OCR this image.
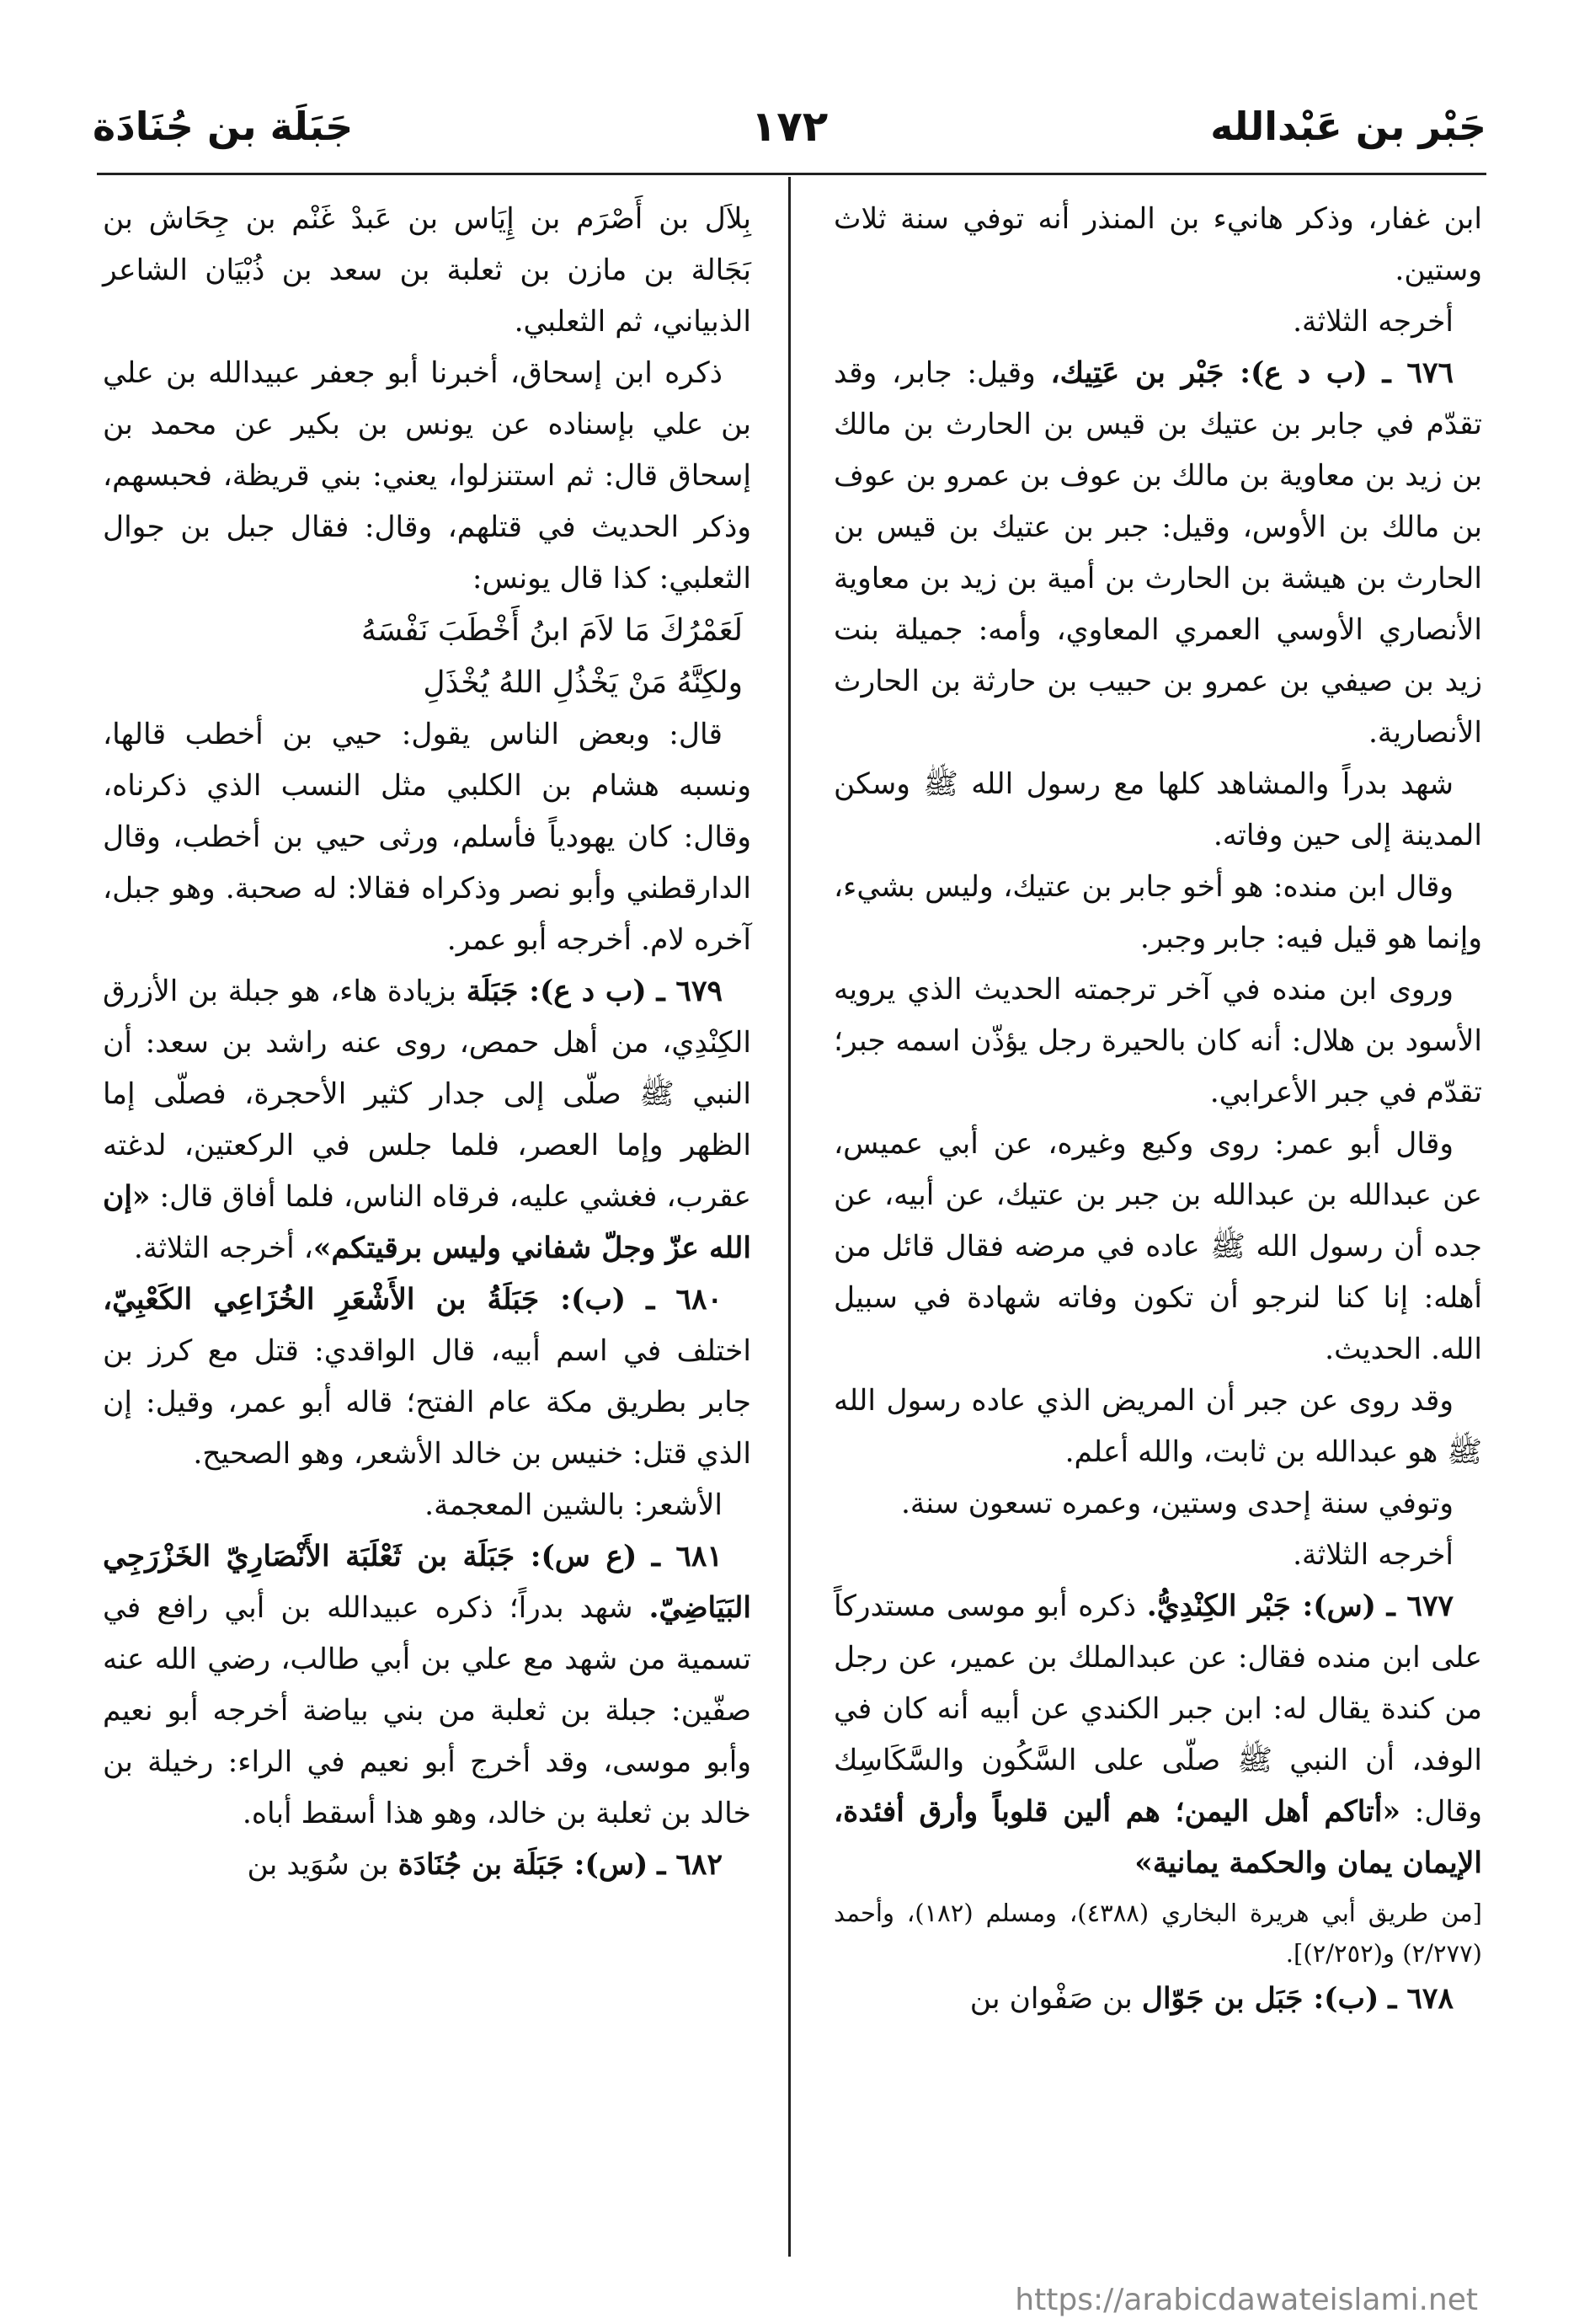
جَبْر بن عَبْدالله
١٧٢
جَبَلَة بن جُنَادَة

ابن غفار، وذكر هانيء بن المنذر أنه توفي سنة ثلاث وستين.

أخرجه الثلاثة.

٦٧٦ ـ (ب د ع): جَبْر بن عَتِيك، وقيل: جابر، وقد تقدّم في جابر بن عتيك بن قيس بن الحارث بن مالك بن زيد بن معاوية بن مالك بن عوف بن عمرو بن عوف بن مالك بن الأوس، وقيل: جبر بن عتيك بن قيس بن الحارث بن هيشة بن الحارث بن أمية بن زيد بن معاوية الأنصاري الأوسي العمري المعاوي، وأمه: جميلة بنت زيد بن صيفي بن عمرو بن حبيب بن حارثة بن الحارث الأنصارية.

شهد بدراً والمشاهد كلها مع رسول الله ﷺ وسكن المدينة إلى حين وفاته.

وقال ابن منده: هو أخو جابر بن عتيك، وليس بشيء، وإنما هو قيل فيه: جابر وجبر.

وروى ابن منده في آخر ترجمته الحديث الذي يرويه الأسود بن هلال: أنه كان بالحيرة رجل يؤذّن اسمه جبر؛ تقدّم في جبر الأعرابي.

وقال أبو عمر: روى وكيع وغيره، عن أبي عميس، عن عبدالله بن عبدالله بن جبر بن عتيك، عن أبيه، عن جده أن رسول الله ﷺ عاده في مرضه فقال قائل من أهله: إنا كنا لنرجو أن تكون وفاته شهادة في سبيل الله. الحديث.

وقد روى عن جبر أن المريض الذي عاده رسول الله ﷺ هو عبدالله بن ثابت، والله أعلم.

وتوفي سنة إحدى وستين، وعمره تسعون سنة.

أخرجه الثلاثة.

٦٧٧ ـ (س): جَبْر الكِنْدِيُّ. ذكره أبو موسى مستدركاً على ابن منده فقال: عن عبدالملك بن عمير، عن رجل من كندة يقال له: ابن جبر الكندي عن أبيه أنه كان في الوفد، أن النبي ﷺ صلّى على السَّكُون والسَّكَاسِك وقال: «أتاكم أهل اليمن؛ هم ألين قلوباً وأرق أفئدة، الإيمان يمان والحكمة يمانية»

[من طريق أبي هريرة البخاري (٤٣٨٨)، ومسلم (١٨٢)، وأحمد (٢/٢٧٧) و(٢/٢٥٢)].

٦٧٨ ـ (ب): جَبَل بن جَوّال بن صَفْوان بن

بِلاَل بن أَصْرَم بن إِيَاس بن عَبدْ غَنْم بن جِحَاش بن بَجَالة بن مازن بن ثعلبة بن سعد بن ذُبْيَان الشاعر الذبياني، ثم الثعلبي.

ذكره ابن إسحاق، أخبرنا أبو جعفر عبيدالله بن علي بن علي بإسناده عن يونس بن بكير عن محمد بن إسحاق قال: ثم استنزلوا، يعني: بني قريظة، فحبسهم، وذكر الحديث في قتلهم، وقال: فقال جبل بن جوال الثعلبي: كذا قال يونس:

لَعَمْرُكَ مَا لاَمَ ابنُ أَخْطَبَ نَفْسَهُ
ولكِنَّهُ مَنْ يَخْذُلِ اللهُ يُخْذَلِ

قال: وبعض الناس يقول: حيي بن أخطب قالها، ونسبه هشام بن الكلبي مثل النسب الذي ذكرناه، وقال: كان يهودياً فأسلم، ورثى حيي بن أخطب، وقال الدارقطني وأبو نصر وذكراه فقالا: له صحبة. وهو جبل، آخره لام. أخرجه أبو عمر.

٦٧٩ ـ (ب د ع): جَبَلَة بزيادة هاء، هو جبلة بن الأزرق الكِنْدِي، من أهل حمص، روى عنه راشد بن سعد: أن النبي ﷺ صلّى إلى جدار كثير الأحجرة، فصلّى إما الظهر وإما العصر، فلما جلس في الركعتين، لدغته عقرب، فغشي عليه، فرقاه الناس، فلما أفاق قال: «إن الله عزّ وجلّ شفاني وليس برقيتكم»، أخرجه الثلاثة.

٦٨٠ ـ (ب): جَبَلَةُ بن الأَشْعَرِ الخُزَاعِي الكَعْبِيّ، اختلف في اسم أبيه، قال الواقدي: قتل مع كرز بن جابر بطريق مكة عام الفتح؛ قاله أبو عمر، وقيل: إن الذي قتل: خنيس بن خالد الأشعر، وهو الصحيح.

الأشعر: بالشين المعجمة.

٦٨١ ـ (ع س): جَبَلَة بن ثَعْلَبَة الأَنْصَارِيّ الخَزْرَجِي البَيَاضِيّ. شهد بدراً؛ ذكره عبيدالله بن أبي رافع في تسمية من شهد مع علي بن أبي طالب، رضي الله عنه صفّين: جبلة بن ثعلبة من بني بياضة أخرجه أبو نعيم وأبو موسى، وقد أخرج أبو نعيم في الراء: رخيلة بن خالد بن ثعلبة بن خالد، وهو هذا أسقط أباه.

٦٨٢ ـ (س): جَبَلَة بن جُنَادَة بن سُوَيد بن

https://arabicdawateislami.net
